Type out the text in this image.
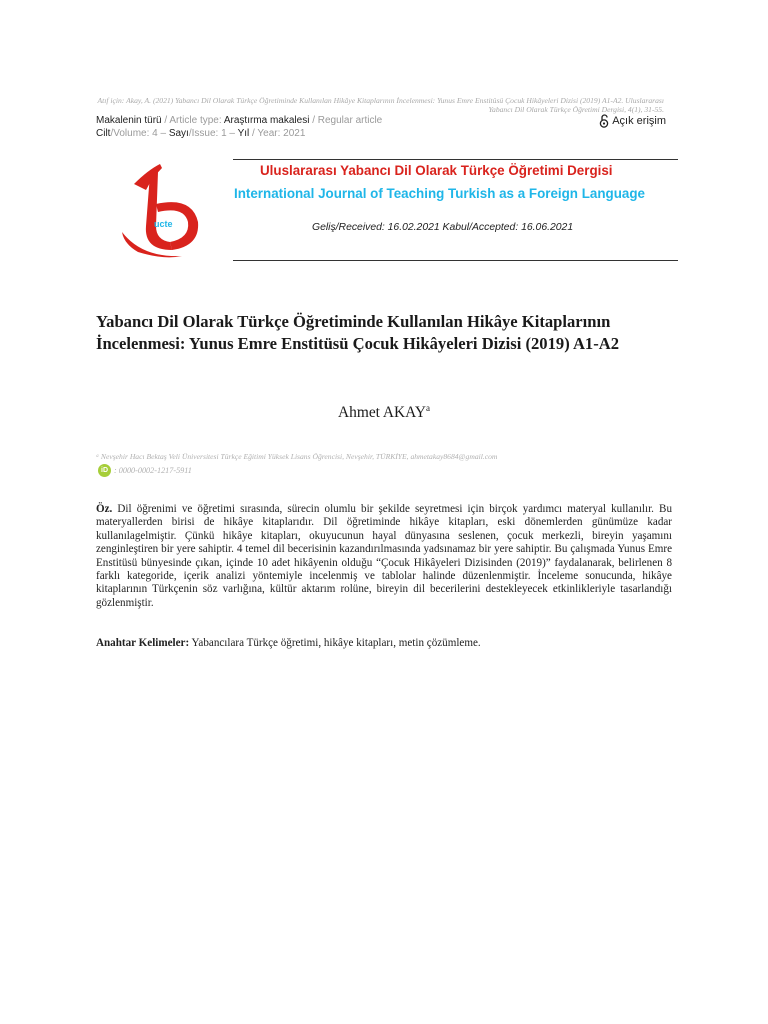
Atıf için: Akay, A. (2021) Yabancı Dil Olarak Türkçe Öğretiminde Kullanılan Hikâye Kitaplarının İncelenmesi: Yunus Emre Enstitüsü Çocuk Hikâyeleri Dizisi (2019) A1-A2. Uluslararası Yabancı Dil Olarak Türkçe Öğretimi Dergisi, 4(1), 31-55.
Makalenin türü / Article type: Araştırma makalesi / Regular article
Cilt/Volume: 4 – Sayı/Issue: 1 – Yıl / Year: 2021
Açık erişim
ucte
Uluslararası Yabancı Dil Olarak Türkçe Öğretimi Dergisi
International Journal of Teaching Turkish as a Foreign Language
Geliş/Received: 16.02.2021 Kabul/Accepted: 16.06.2021
Yabancı Dil Olarak Türkçe Öğretiminde Kullanılan Hikâye Kitaplarının İncelenmesi: Yunus Emre Enstitüsü Çocuk Hikâyeleri Dizisi (2019) A1-A2
Ahmet AKAY$^a$
ᵃ Nevşehir Hacı Bektaş Veli Üniversitesi Türkçe Eğitimi Yüksek Lisans Öğrencisi, Nevşehir, TÜRKİYE, ahmetakay8684@gmail.com
iD : 0000-0002-1217-5911
Öz. Dil öğrenimi ve öğretimi sırasında, sürecin olumlu bir şekilde seyretmesi için birçok yardımcı materyal kullanılır. Bu materyallerden birisi de hikâye kitaplarıdır. Dil öğretiminde hikâye kitapları, eski dönemlerden günümüze kadar kullanılagelmiştir. Çünkü hikâye kitapları, okuyucunun hayal dünyasına seslenen, çocuk merkezli, bireyin yaşamını zenginleştiren bir yere sahiptir. 4 temel dil becerisinin kazandırılmasında yadsınamaz bir yere sahiptir. Bu çalışmada Yunus Emre Enstitüsü bünyesinde çıkan, içinde 10 adet hikâyenin olduğu “Çocuk Hikâyeleri Dizisinden (2019)” faydalanarak, belirlenen 8 farklı kategoride, içerik analizi yöntemiyle incelenmiş ve tablolar halinde düzenlenmiştir. İnceleme sonucunda, hikâye kitaplarının Türkçenin söz varlığına, kültür aktarım rolüne, bireyin dil becerilerini destekleyecek etkinlikleriyle tasarlandığı gözlenmiştir.
Anahtar Kelimeler: Yabancılara Türkçe öğretimi, hikâye kitapları, metin çözümleme.
